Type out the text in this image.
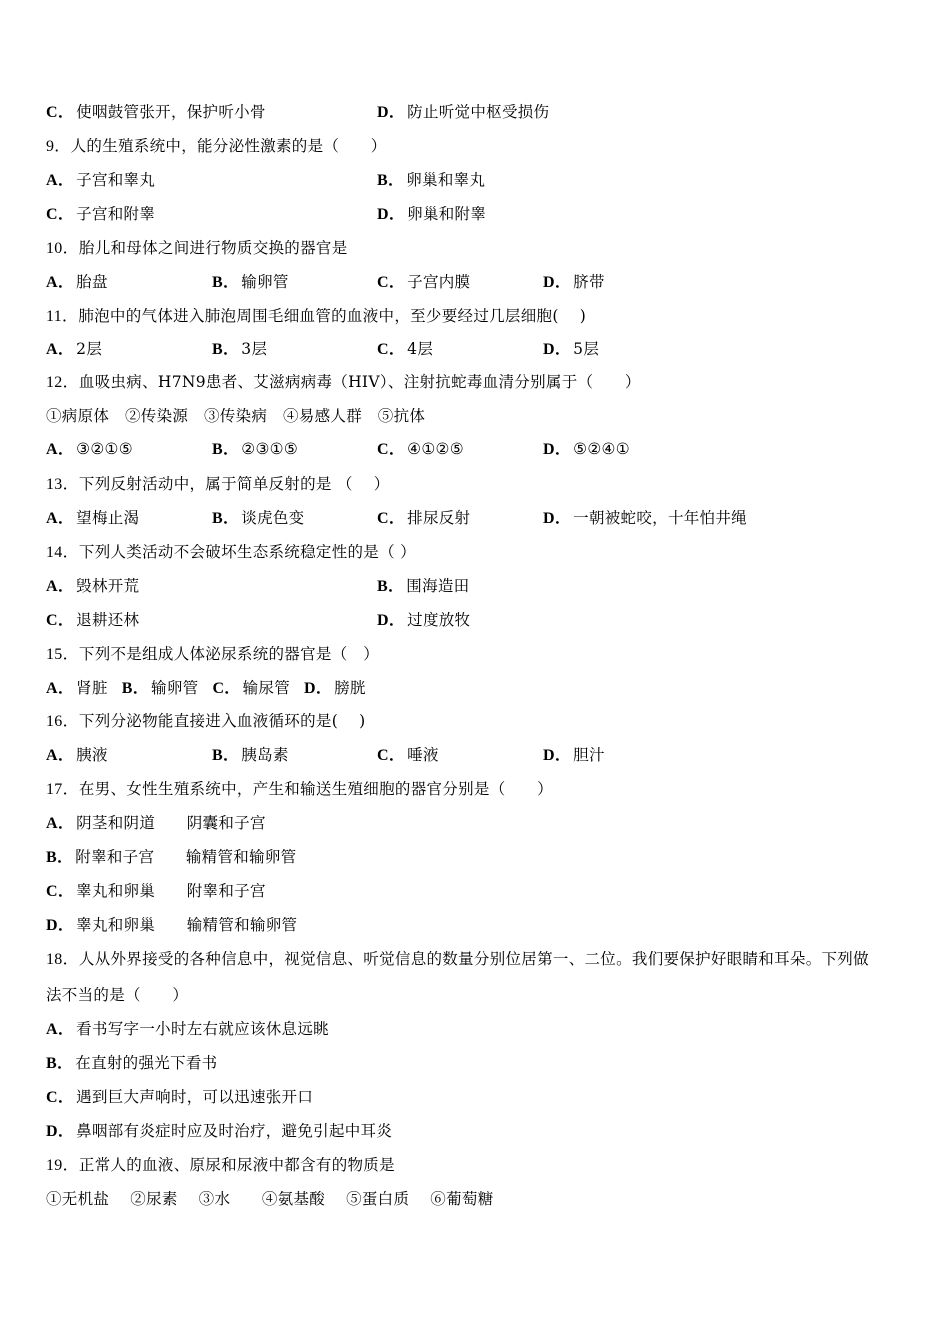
C． 使咽鼓管张开，保护听小骨	D． 防止听觉中枢受损伤
9．人的生殖系统中，能分泌性激素的是（　　）
A． 子宫和睾丸	B． 卵巢和睾丸
C． 子宫和附睾	D． 卵巢和附睾
10．胎儿和母体之间进行物质交换的器官是
A． 胎盘	B． 输卵管	C． 子宫内膜	D． 脐带
11．肺泡中的气体进入肺泡周围毛细血管的血液中，至少要经过几层细胞(　 )
A． 2层	B． 3层	C． 4层	D． 5层
12．血吸虫病、H7N9患者、艾滋病病毒（HIV）、注射抗蛇毒血清分别属于（　　）
①病原体　②传染源　③传染病　④易感人群　⑤抗体
A． ③②①⑤	B． ②③①⑤	C． ④①②⑤	D． ⑤②④①
13．下列反射活动中，属于简单反射的是 （　 ）
A． 望梅止渴	B． 谈虎色变	C． 排尿反射	D． 一朝被蛇咬，十年怕井绳
14．下列人类活动不会破坏生态系统稳定性的是（ ）
A． 毁林开荒	B． 围海造田
C． 退耕还林	D． 过度放牧
15．下列不是组成人体泌尿系统的器官是（　）
A． 肾脏 B． 输卵管 C． 输尿管 D． 膀胱
16．下列分泌物能直接进入血液循环的是(　 )
A． 胰液	B． 胰岛素	C． 唾液	D． 胆汁
17．在男、女性生殖系统中，产生和输送生殖细胞的器官分别是（　　）
A． 阴茎和阴道　　阴囊和子宫
B． 附睾和子宫　　输精管和输卵管
C． 睾丸和卵巢　　附睾和子宫
D． 睾丸和卵巢　　输精管和输卵管
18．人从外界接受的各种信息中，视觉信息、听觉信息的数量分别位居第一、二位。我们要保护好眼睛和耳朵。下列做
法不当的是（　　）
A． 看书写字一小时左右就应该休息远眺
B． 在直射的强光下看书
C． 遇到巨大声响时，可以迅速张开口
D． 鼻咽部有炎症时应及时治疗，避免引起中耳炎
19．正常人的血液、原尿和尿液中都含有的物质是
①无机盐　 ②尿素　 ③水　　④氨基酸　 ⑤蛋白质　 ⑥葡萄糖
